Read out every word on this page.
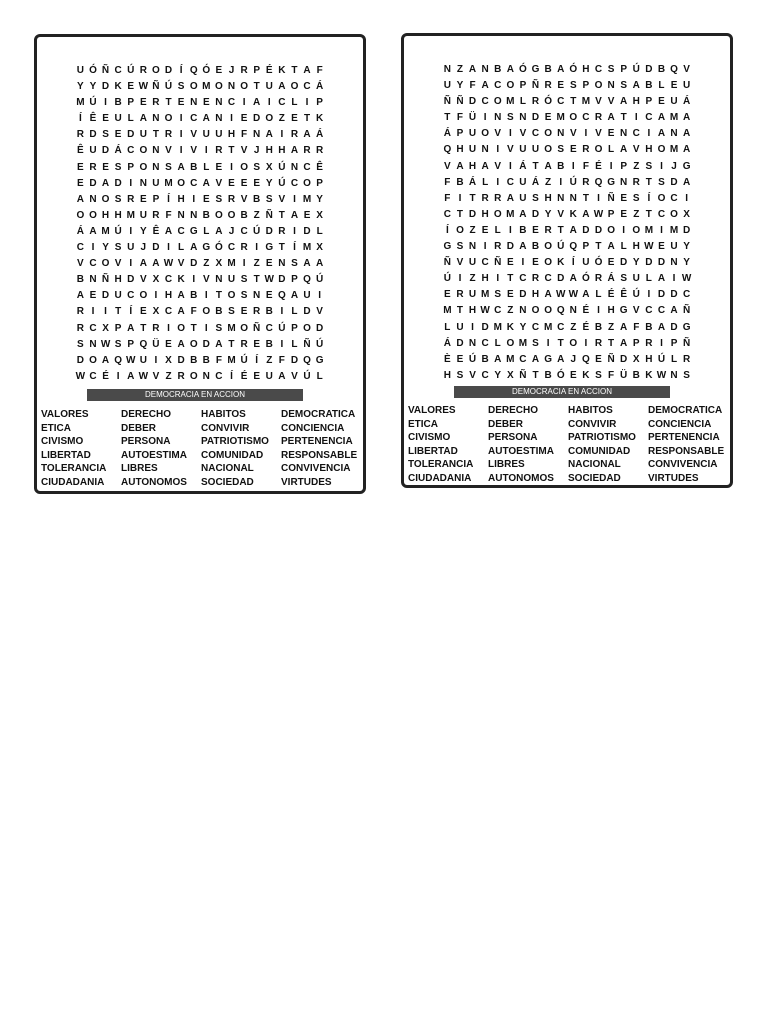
U Ó Ñ C Ú R O D Í Q Ó E J R P É K T A F
Y Y D K E W Ñ Ú S O M O N O T U A O C Á
M Ú I B P E R T E N E N C I A I C L I P
Í Ê E U L A N O I C A N I E D O Z E T K
R D S E D U T R I V U U H F N A I R A Á
Ê U D Á C O N V I V I R T V J H H A R R
E R E S P O N S A B L E I O S X Ú N C Ê
E D A D I N U M O C A V E E E Y Ú C O P
A N O S R E P Í H I E S R V B S V I M Y
O O H H M U R F N N B O O B Z Ñ T A E X
Á A M Ú I Y Ê A C G L A J C Ú D R I D L
C I Y S U J D I L A G Ó C R I G T Í M X
V C O V I A A W V D Z X M I Z E N S A A
B N Ñ H D V X C K I V N U S T W D P Q Ú
A E D U C O I H A B I T O S N E Q A U I
R I I T Í E X C A F O B S E R B I L D V
R C X P A T R I O T I S M O Ñ C Ú P O D
S N W S P Q Ü E A O D A T R E B I L Ñ Ú
D O A Q W U I X D B B F M Ú Í Z F D Q G
W C É I A W V Z R O N C Í É E U A V Ú L
DEMOCRACIA EN ACCION
VALORES	DERECHO	HABITOS	DEMOCRATICA
ETICA	DEBER	CONVIVIR	CONCIENCIA
CIVISMO	PERSONA	PATRIOTISMO	PERTENENCIA
LIBERTAD	AUTOESTIMA	COMUNIDAD	RESPONSABLE
TOLERANCIA	LIBRES	NACIONAL	CONVIVENCIA
CIUDADANIA	AUTONOMOS	SOCIEDAD	VIRTUDES
N Z A N B A Ó G B A Ó H C S P Ú D B Q V
U Y F A C O P Ñ R E S P O N S A B L E U
Ñ Ñ D C O M L R Ó C T M V V A H P E U Á
T F Ü I N S N D E M O C R A T I C A M A
Á P U O V I V C O N V I V E N C I A N A
Q H U N I V U U O S E R O L A V H O M A
V A H A V I Á T A B I F É I P Z S I J G
F B Á L I C U Á Z I Ú R Q G N R T S D A
F I T R R A U S H N N T I Ñ E S Í O C I
C T D H O M A D Y V K A W P E Z T C O X
Í O Z E L I B E R T A D D O I O M I M D
G S N I R D A B O Ú Q P T A L H W E U Y
Ñ V U C Ñ E I E O K Í U Ó E D Y D D N Y
Ú I Z H I T C R C D A Ó R Á S U L A I W
E R U M S E D H A W W A L É Ê Ú I D D C
M T H W C Z N O O Q N É I H G V C C A Ñ
L U I D M K Y C M C Z É B Z A F B A D G
Á D N C L O M S I T O I R T A P R I P Ñ
È E Ú B A M C A G A J Q E Ñ D X H Ú L R
H S V C Y X Ñ T B Ó E K S F Ü B K W N S
DEMOCRACIA EN ACCION
VALORES	DERECHO	HABITOS	DEMOCRATICA
ETICA	DEBER	CONVIVIR	CONCIENCIA
CIVISMO	PERSONA	PATRIOTISMO	PERTENENCIA
LIBERTAD	AUTOESTIMA	COMUNIDAD	RESPONSABLE
TOLERANCIA	LIBRES	NACIONAL	CONVIVENCIA
CIUDADANIA	AUTONOMOS	SOCIEDAD	VIRTUDES
